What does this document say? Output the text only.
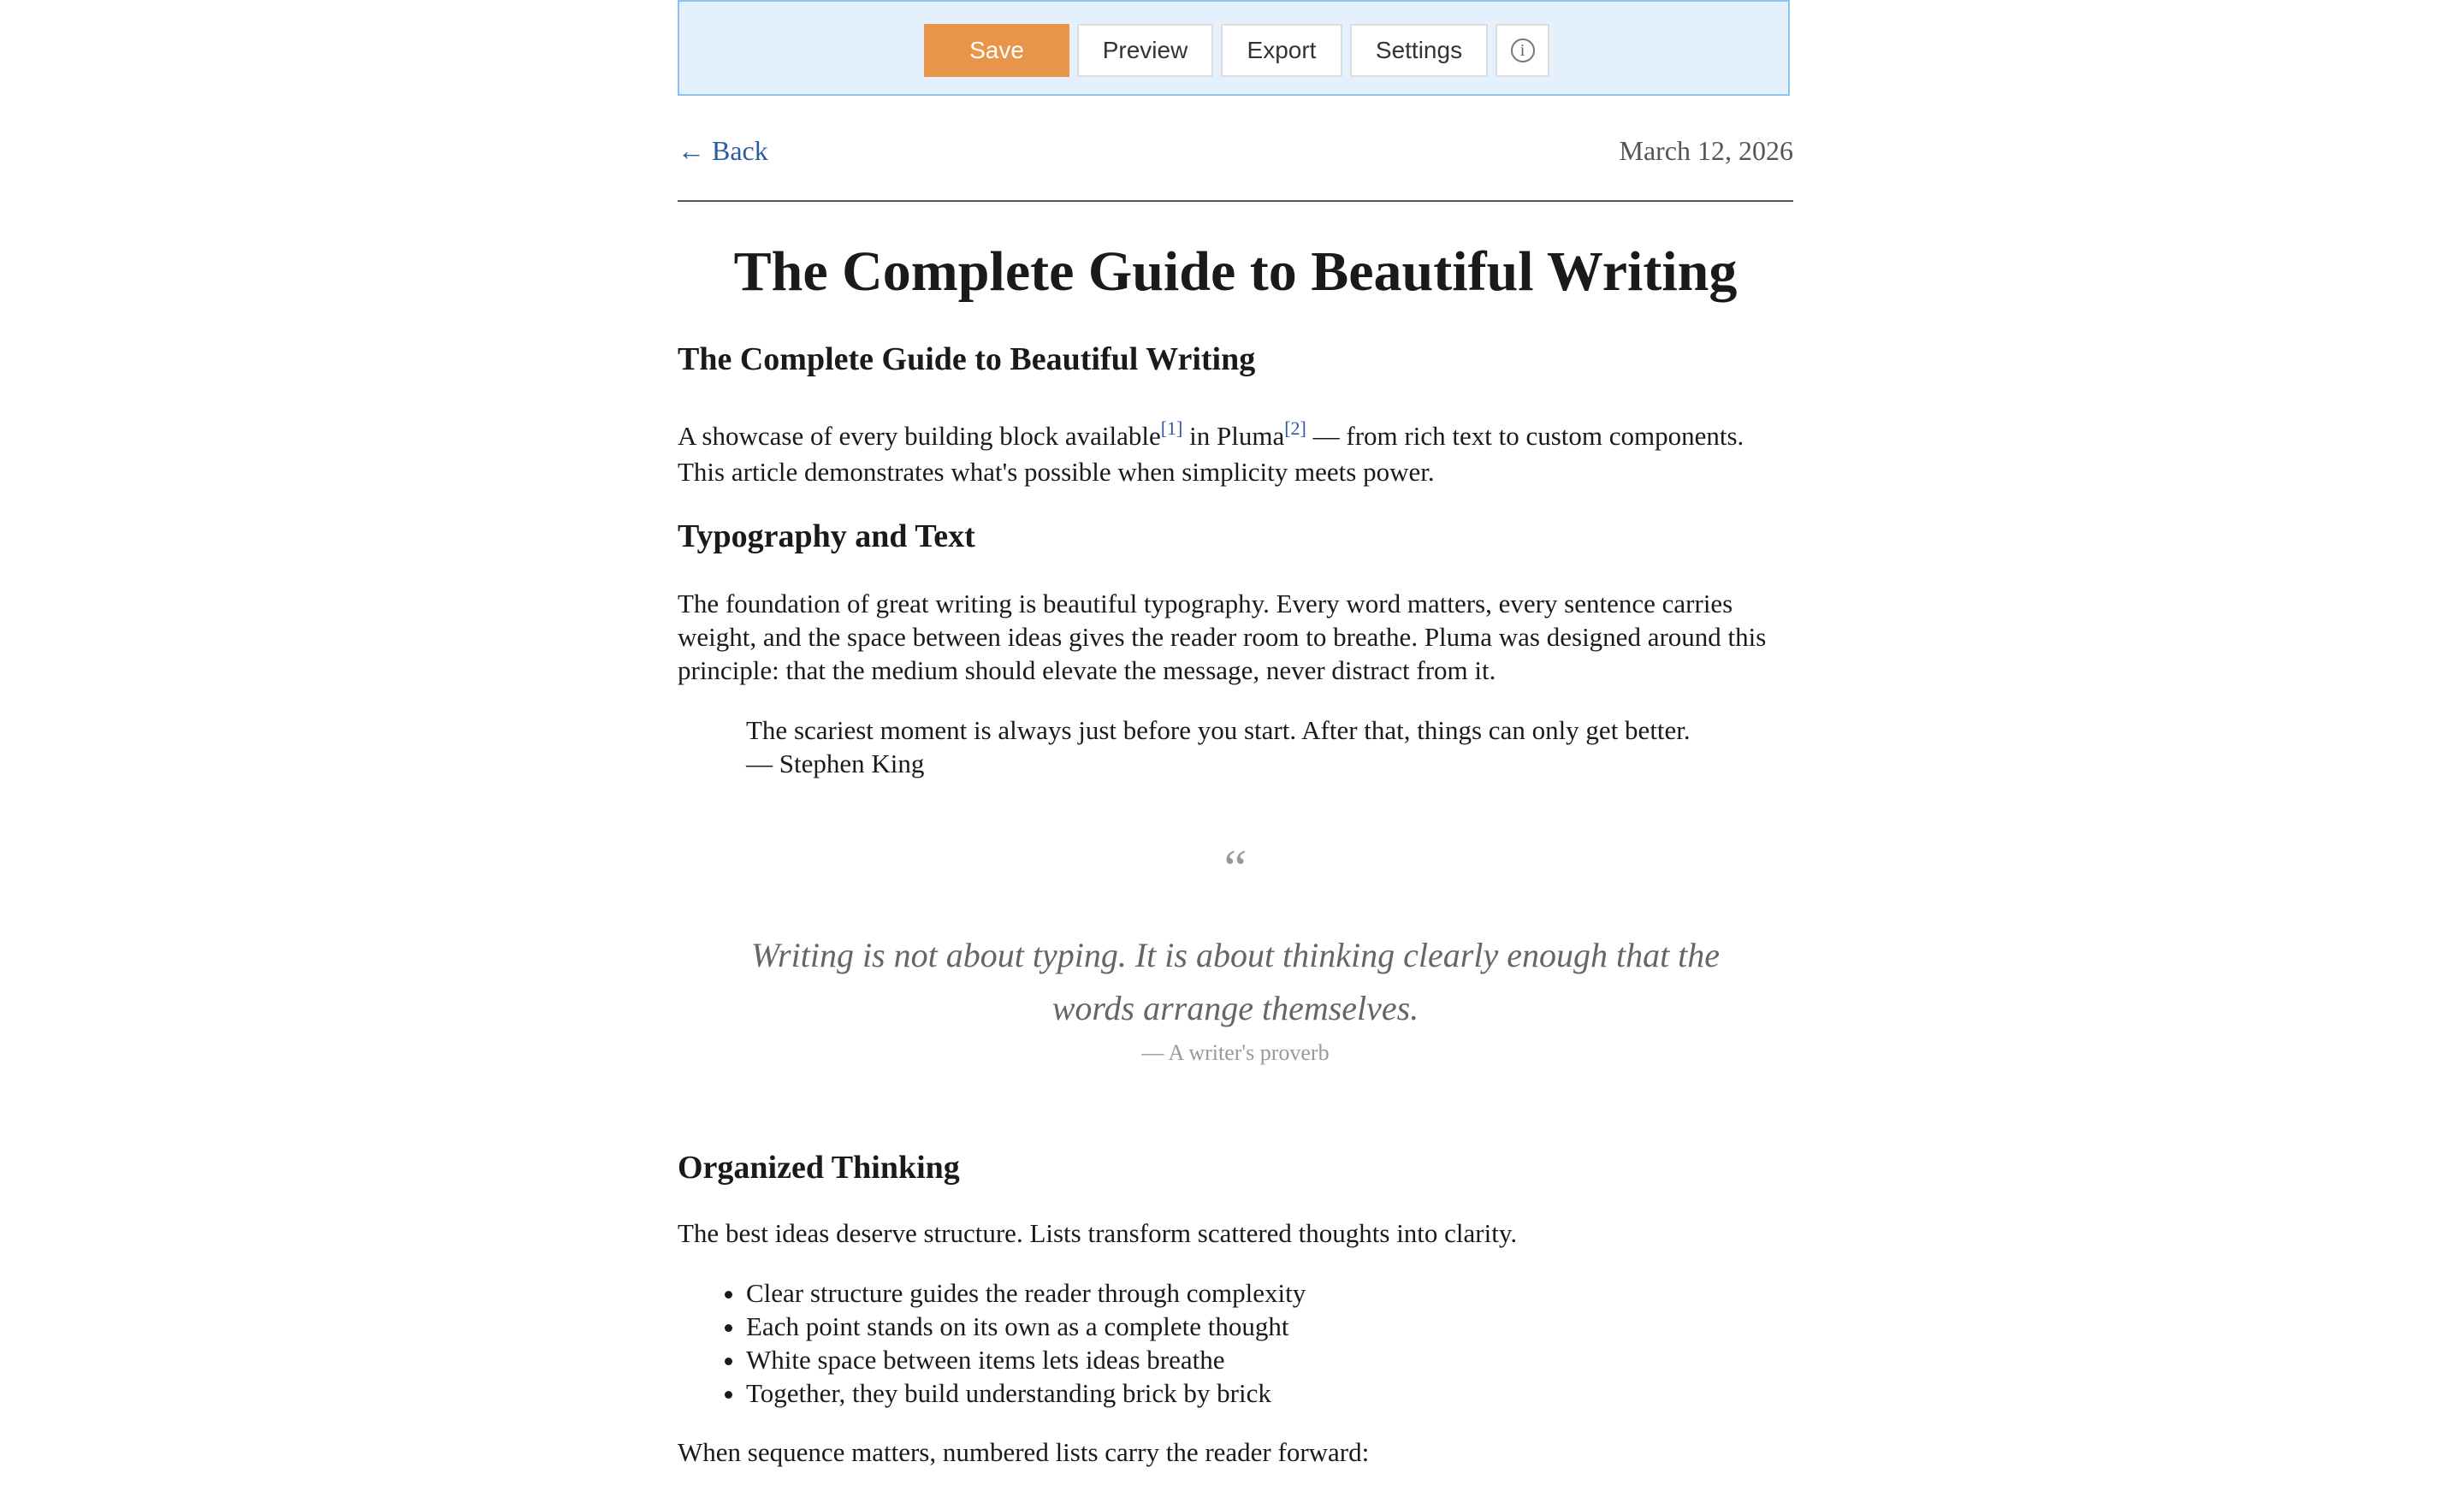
Save	Preview	Export	Settings	i
← Back	March 12, 2026
The Complete Guide to Beautiful Writing
The Complete Guide to Beautiful Writing

A showcase of every building block available[1] in Pluma[2] — from rich text to custom components. This article demonstrates what's possible when simplicity meets power.

Typography and Text

The foundation of great writing is beautiful typography. Every word matters, every sentence carries weight, and the space between ideas gives the reader room to breathe. Pluma was designed around this principle: that the medium should elevate the message, never distract from it.

The scariest moment is always just before you start. After that, things can only get better.
— Stephen King
“
Writing is not about typing. It is about thinking clearly enough that the words arrange themselves.
— A writer's proverb
Organized Thinking

The best ideas deserve structure. Lists transform scattered thoughts into clarity.

• Clear structure guides the reader through complexity
• Each point stands on its own as a complete thought
• White space between items lets ideas breathe
• Together, they build understanding brick by brick

When sequence matters, numbered lists carry the reader forward:
